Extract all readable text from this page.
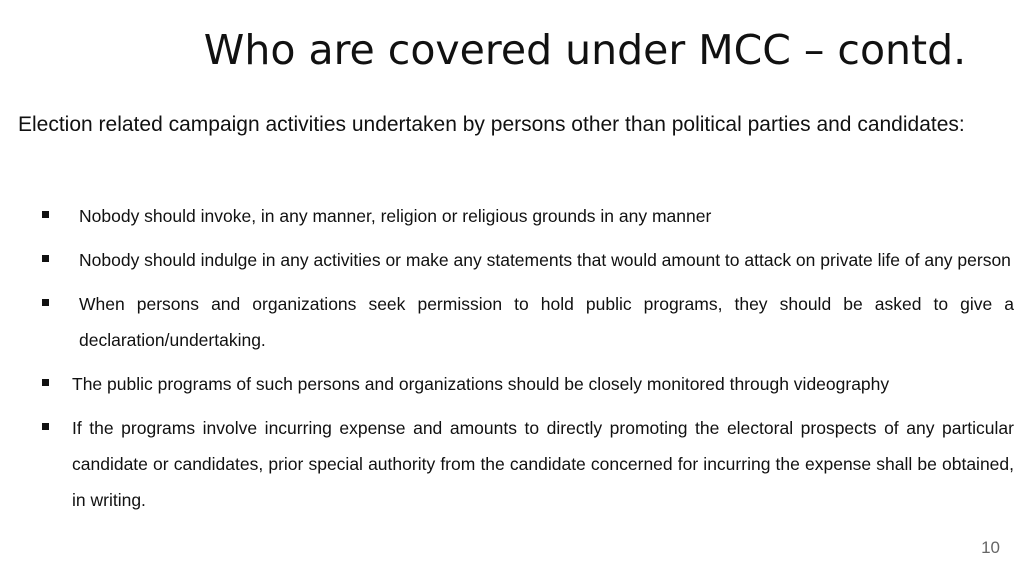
Who are covered under MCC – contd.

Election related campaign activities undertaken by persons other than political parties and candidates:

Nobody should invoke, in any manner, religion or religious grounds in any manner
Nobody should indulge in any activities or make any statements that would amount to attack on private life of any person
When persons and organizations seek permission to hold public programs, they should be asked to give a declaration/undertaking.
The public programs of such persons and organizations should be closely monitored through videography
If the programs involve incurring expense and amounts to directly promoting the electoral prospects of any particular candidate or candidates, prior special authority from the candidate concerned for incurring the expense shall be obtained, in writing.
10
